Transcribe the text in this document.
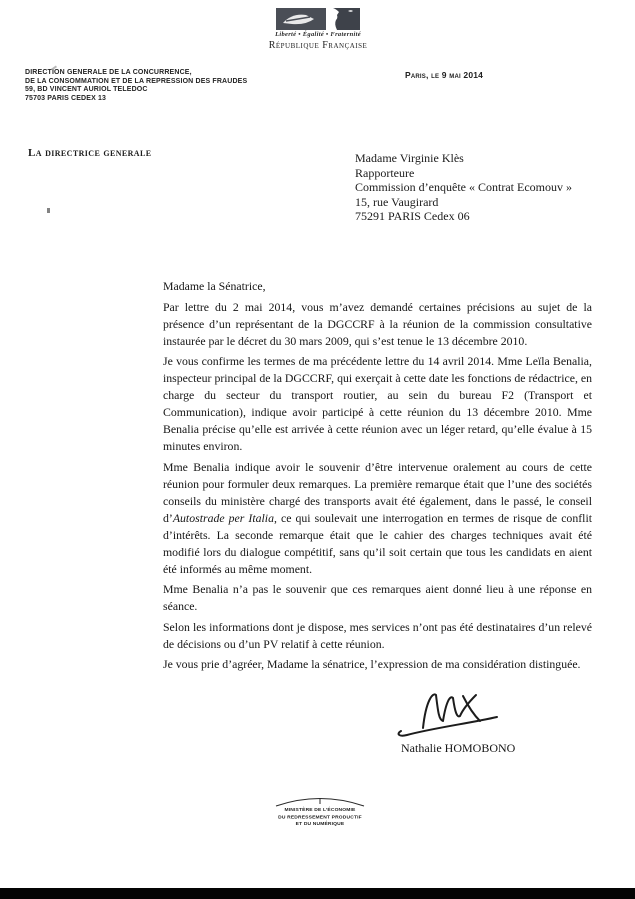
Liberté • Égalité • Fraternité
République Française
DIRECTION GENERALE DE LA CONCURRENCE,
DE LA CONSOMMATION ET DE LA REPRESSION DES FRAUDES
59, BD VINCENT AURIOL TELEDOC
75703 PARIS CEDEX 13
Paris, le 9 mai 2014
La directrice generale	Madame Virginie Klès
Rapporteure
Commission d’enquête « Contrat Ecomouv »
15, rue Vaugirard
75291 PARIS Cedex 06

Madame la Sénatrice,

Par lettre du 2 mai 2014, vous m’avez demandé certaines précisions au sujet de la présence d’un représentant de la DGCCRF à la réunion de la commission consultative instaurée par le décret du 30 mars 2009, qui s’est tenue le 13 décembre 2010.

Je vous confirme les termes de ma précédente lettre du 14 avril 2014. Mme Leïla Benalia, inspecteur principal de la DGCCRF, qui exerçait à cette date les fonctions de rédactrice, en charge du secteur du transport routier, au sein du bureau F2 (Transport et Communication), indique avoir participé à cette réunion du 13 décembre 2010. Mme Benalia précise qu’elle est arrivée à cette réunion avec un léger retard, qu’elle évalue à 15 minutes environ.

Mme Benalia indique avoir le souvenir d’être intervenue oralement au cours de cette réunion pour formuler deux remarques. La première remarque était que l’une des sociétés conseils du ministère chargé des transports avait été également, dans le passé, le conseil d’Autostrade per Italia, ce qui soulevait une interrogation en termes de risque de conflit d’intérêts. La seconde remarque était que le cahier des charges techniques avait été modifié lors du dialogue compétitif, sans qu’il soit certain que tous les candidats en aient été informés au même moment.

Mme Benalia n’a pas le souvenir que ces remarques aient donné lieu à une réponse en séance.

Selon les informations dont je dispose, mes services n’ont pas été destinataires d’un relevé de décisions ou d’un PV relatif à cette réunion.

Je vous prie d’agréer, Madame la sénatrice, l’expression de ma considération distinguée.

Nathalie HOMOBONO
MINISTÈRE DE L’ÉCONOMIE
DU REDRESSEMENT PRODUCTIF
ET DU NUMÉRIQUE
